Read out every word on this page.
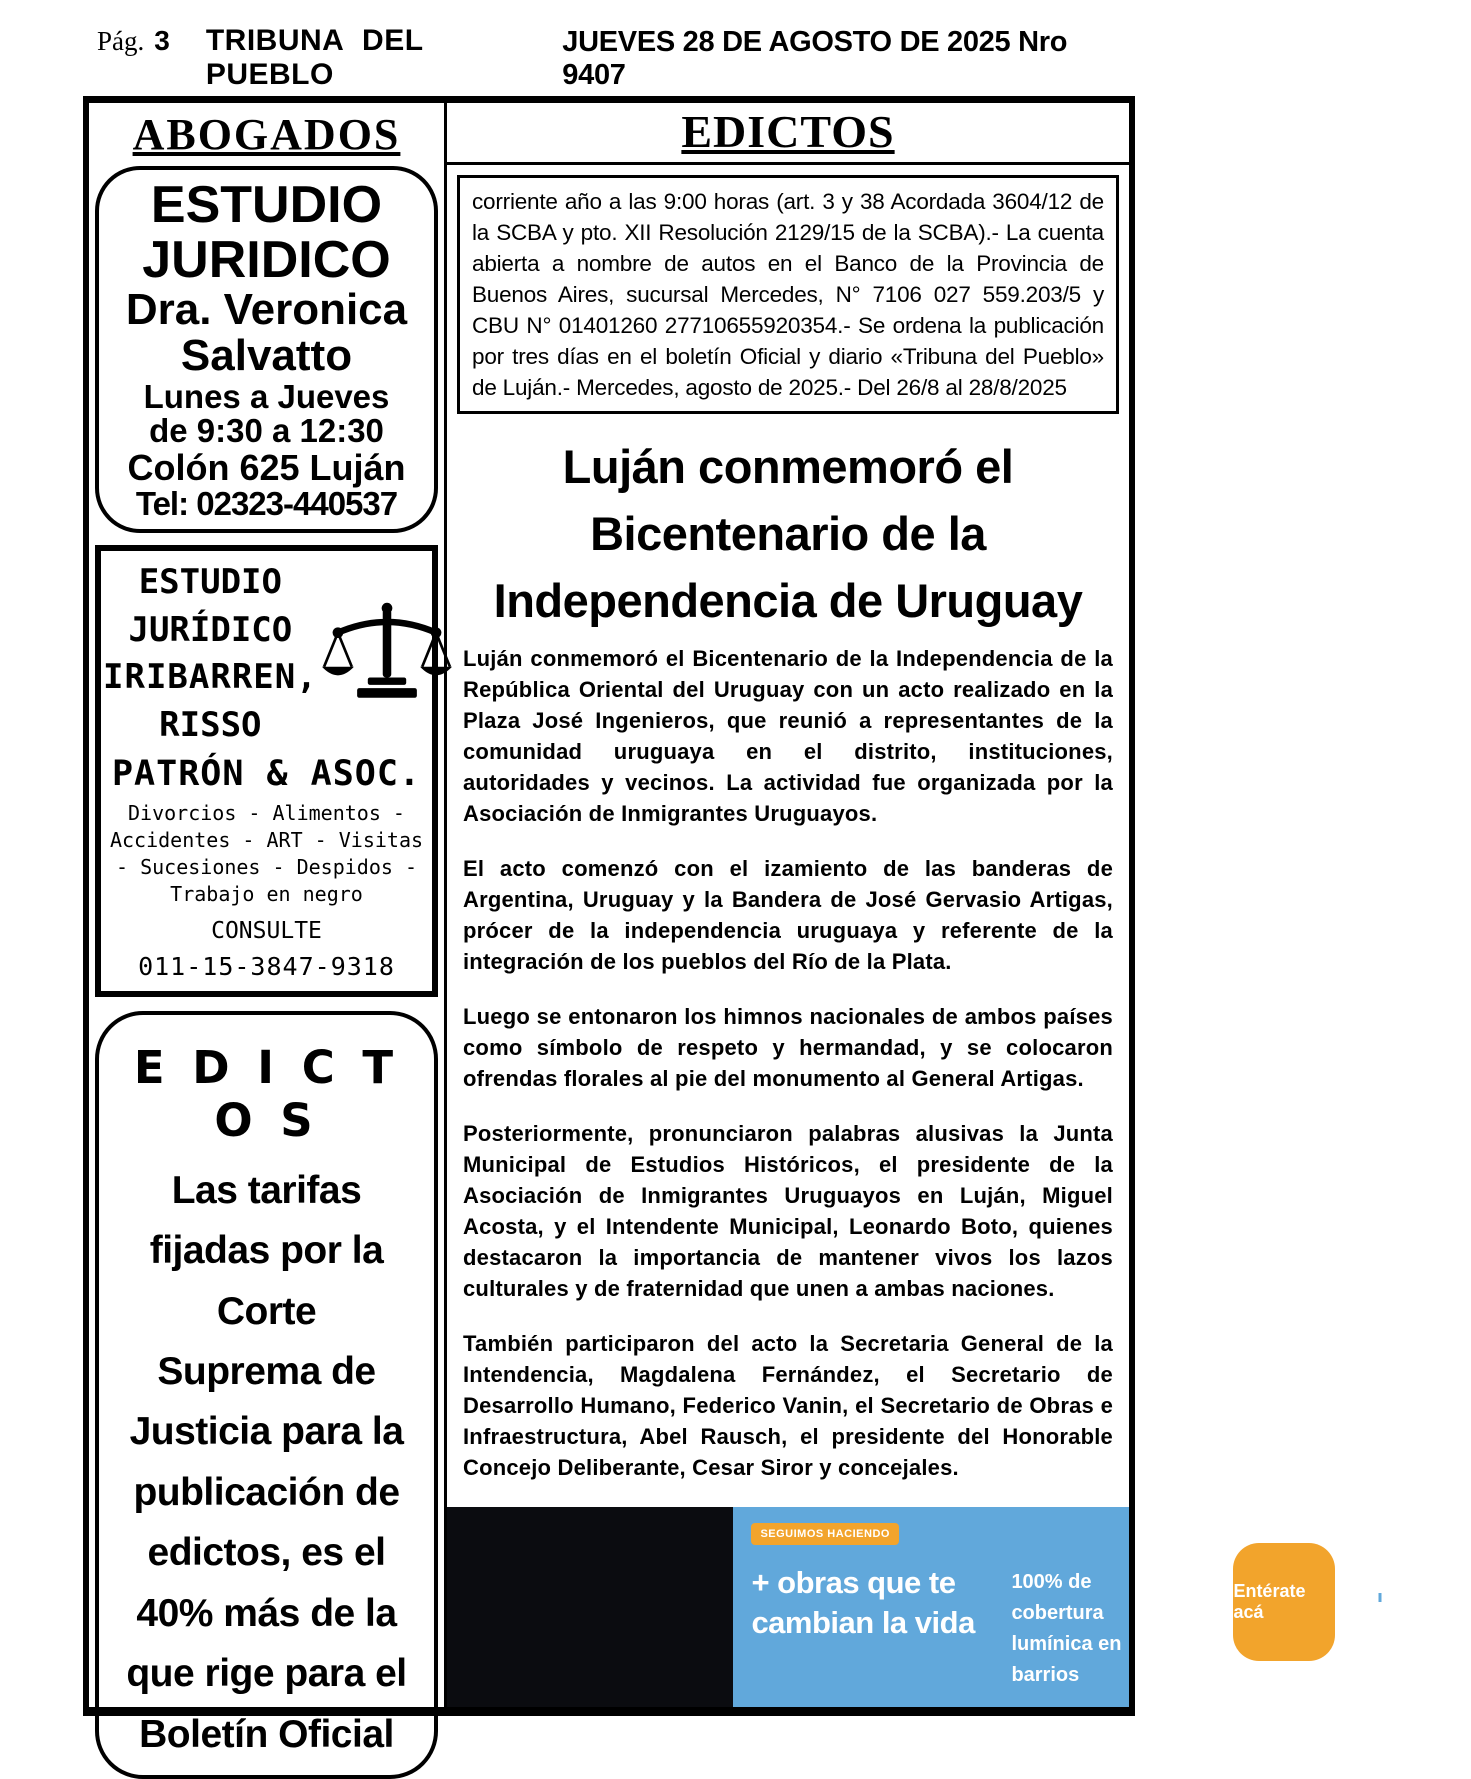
Pág. 3 TRIBUNA DEL PUEBLO
JUEVES 28 DE AGOSTO DE 2025 Nro 9407
ABOGADOS
ESTUDIO
JURIDICO
Dra. Veronica
Salvatto
Lunes a Jueves
de 9:30 a 12:30
Colón 625 Luján
Tel: 02323-440537
ESTUDIO
JURÍDICO
IRIBARREN,
RISSO
PATRÓN & ASOC.
Divorcios - Alimentos - Accidentes - ART - Visitas - Sucesiones - Despidos - Trabajo en negro
CONSULTE
011-15-3847-9318
E D I C T O S
Las tarifas
fijadas por la
Corte
Suprema de
Justicia para la
publicación de
edictos, es el
40% más de la
que rige para el
Boletín Oficial
EDICTOS
corriente año a las 9:00 horas (art. 3 y 38 Acordada 3604/12 de la SCBA y pto. XII Resolución 2129/15 de la SCBA).- La cuenta abierta a nombre de autos en el Banco de la Provincia de Buenos Aires, sucursal Mercedes, N° 7106 027 559.203/5 y CBU N° 01401260 27710655920354.- Se ordena la publicación por tres días en el boletín Oficial y diario «Tribuna del Pueblo» de Luján.- Mercedes, agosto de 2025.- Del 26/8 al 28/8/2025
Luján conmemoró el
Bicentenario de la
Independencia de Uruguay

Luján conmemoró el Bicentenario de la Independencia de la República Oriental del Uruguay con un acto realizado en la Plaza José Ingenieros, que reunió a representantes de la comunidad uruguaya en el distrito, instituciones, autoridades y vecinos. La actividad fue organizada por la Asociación de Inmigrantes Uruguayos.

El acto comenzó con el izamiento de las banderas de Argentina, Uruguay y la Bandera de José Gervasio Artigas, prócer de la independencia uruguaya y referente de la integración de los pueblos del Río de la Plata.

Luego se entonaron los himnos nacionales de ambos países como símbolo de respeto y hermandad, y se colocaron ofrendas florales al pie del monumento al General Artigas.

Posteriormente, pronunciaron palabras alusivas la Junta Municipal de Estudios Históricos, el presidente de la Asociación de Inmigrantes Uruguayos en Luján, Miguel Acosta, y el Intendente Municipal, Leonardo Boto, quienes destacaron la importancia de mantener vivos los lazos culturales y de fraternidad que unen a ambas naciones.

También participaron del acto la Secretaria General de la Intendencia, Magdalena Fernández, el Secretario de Desarrollo Humano, Federico Vanin, el Secretario de Obras e Infraestructura, Abel Rausch, el presidente del Honorable Concejo Deliberante, Cesar Siror y concejales.

SEGUIMOS HACIENDO
+ obras que te
cambian la vida
100% de cobertura
lumínica en barrios
Entérate acá
Luján
